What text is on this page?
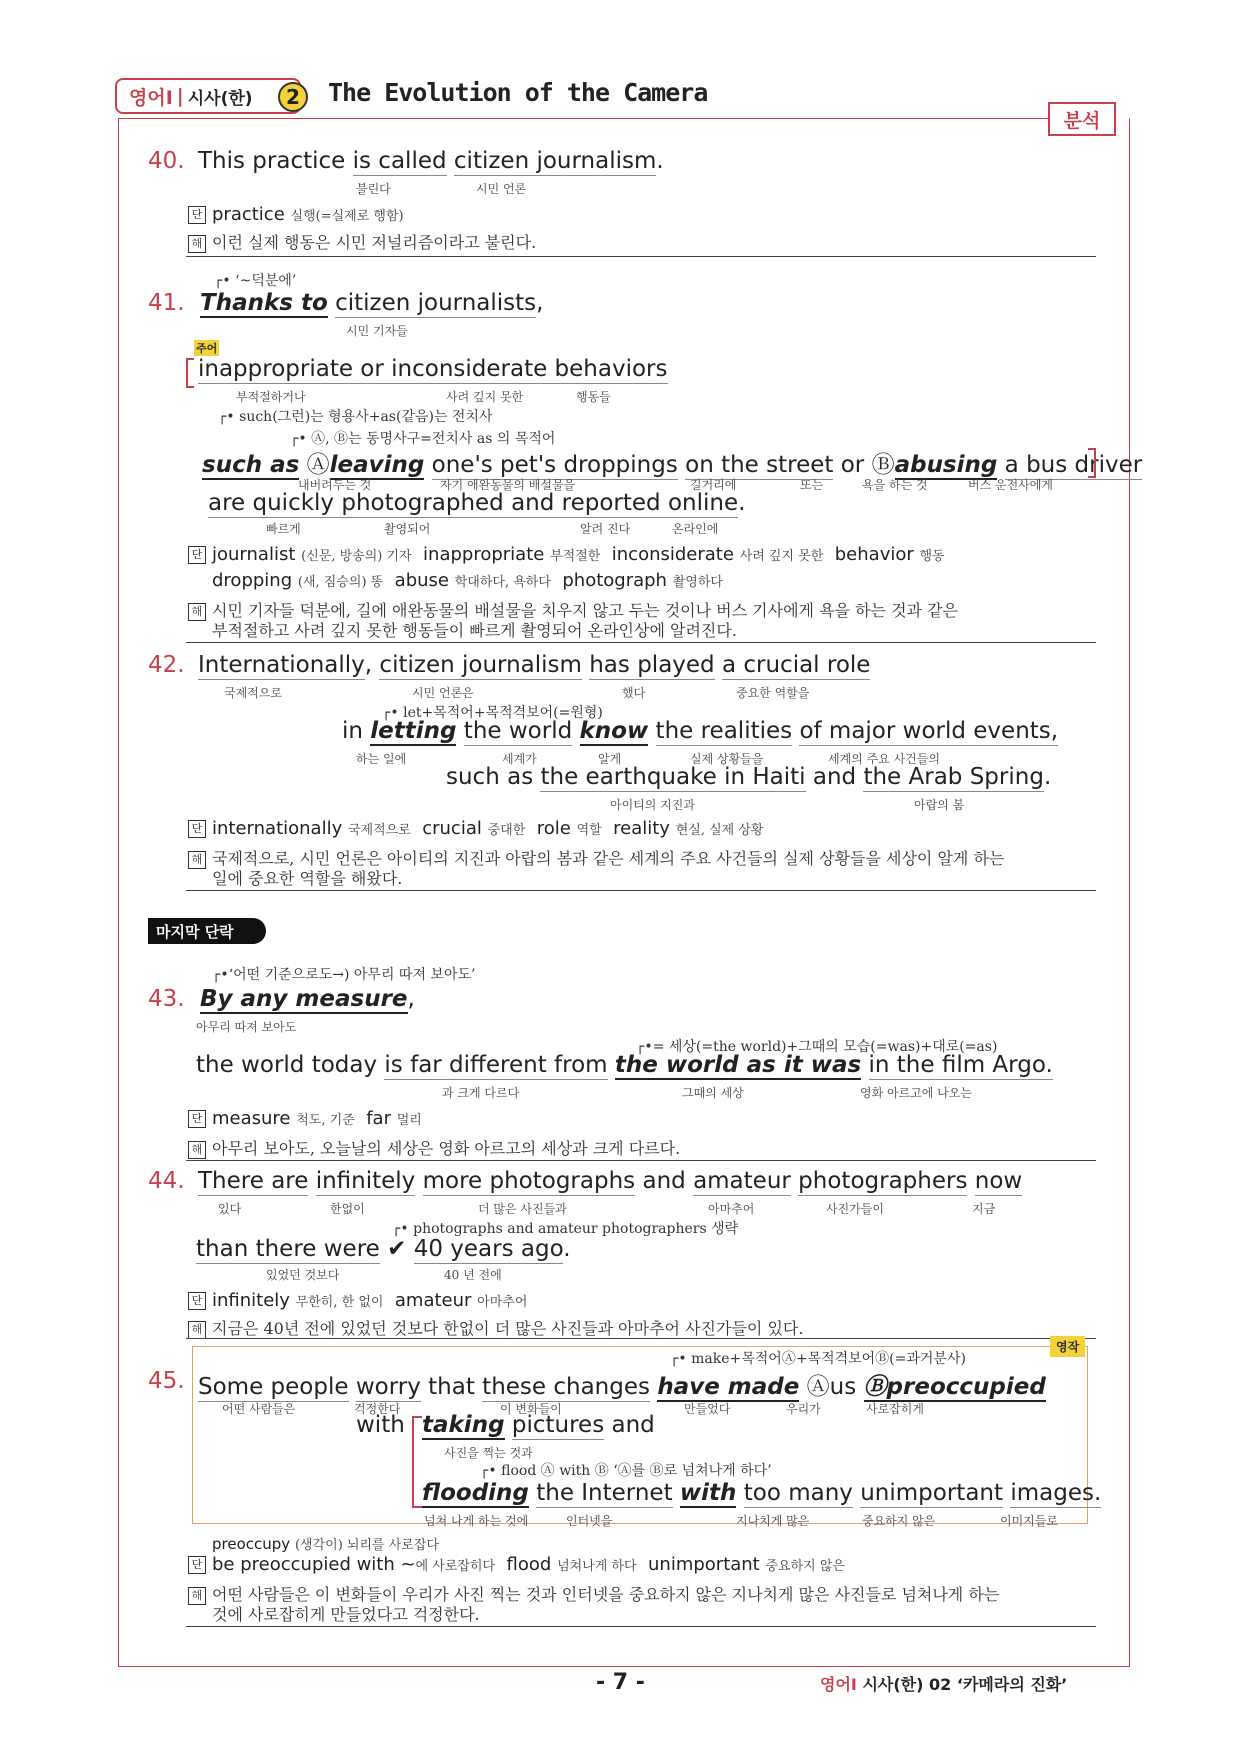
영어Ⅰ | 시사(한)	2	The Evolution of the Camera
분석
40. This practice is called citizen journalism.
불린다	시민 언론
단 practice 실행(=실제로 행함)
해 이런 실제 행동은 시민 저널리즘이라고 불린다.
┌• ‘~덕분에’
41. Thanks to citizen journalists,
시민 기자들
주어
inappropriate or inconsiderate behaviors
부적절하거나	사려 깊지 못한	행동들
┌• such(그런)는 형용사+as(같음)는 전치사
┌• Ⓐ, Ⓑ는 동명사구=전치사 as 의 목적어
such as Ⓐleaving one's pet's droppings on the street or Ⓑabusing a bus driver
내버려두는 것	자기 애완동물의 배설물을	길거리에	또는	욕을 하는 것	버스 운전사에게
are quickly photographed and reported online.
빠르게	촬영되어	알려 진다	온라인에
단 journalist (신문, 방송의) 기자 inappropriate 부적절한 inconsiderate 사려 깊지 못한 behavior 행동
dropping (새, 짐승의) 똥 abuse 학대하다, 욕하다 photograph 촬영하다
해 시민 기자들 덕분에, 길에 애완동물의 배설물을 치우지 않고 두는 것이나 버스 기사에게 욕을 하는 것과 같은
부적절하고 사려 깊지 못한 행동들이 빠르게 촬영되어 온라인상에 알려진다.
42. Internationally, citizen journalism has played a crucial role
국제적으로	시민 언론은	했다	중요한 역할을
┌• let+목적어+목적격보어(=원형)
in letting the world know the realities of major world events,
하는 일에	세계가	알게	실제 상황들을	세계의 주요 사건들의
such as the earthquake in Haiti and the Arab Spring.
아이티의 지진과	아랍의 봄
단 internationally 국제적으로 crucial 중대한 role 역할 reality 현실, 실제 상황
해 국제적으로, 시민 언론은 아이티의 지진과 아랍의 봄과 같은 세계의 주요 사건들의 실제 상황들을 세상이 알게 하는
일에 중요한 역할을 해왔다.
마지막 단락
┌•‘어떤 기준으로도→) 아무리 따져 보아도’
43. By any measure,
아무리 따져 보아도
┌•= 세상(=the world)+그때의 모습(=was)+대로(=as)
the world today is far different from the world as it was in the film Argo.
과 크게 다르다	그때의 세상	영화 아르고에 나오는
단 measure 척도, 기준 far 멀리
해 아무리 보아도, 오늘날의 세상은 영화 아르고의 세상과 크게 다르다.
44. There are infinitely more photographs and amateur photographers now
있다	한없이	더 많은 사진들과	아마추어	사진가들이	지금
┌• photographs and amateur photographers 생략
than there were ✔ 40 years ago.
있었던 것보다	40 년 전에
단 infinitely 무한히, 한 없이 amateur 아마추어
해 지금은 40년 전에 있었던 것보다 한없이 더 많은 사진들과 아마추어 사진가들이 있다.
영작
┌• make+목적어Ⓐ+목적격보어Ⓑ(=과거분사)
45. Some people worry that these changes have made Ⓐus Ⓑpreoccupied
어떤 사람들은	걱정한다	이 변화들이	만들었다	우리가	사로잡히게
with taking pictures and
사진을 찍는 것과
┌• flood Ⓐ with Ⓑ ‘Ⓐ를 Ⓑ로 넘쳐나게 하다’
flooding the Internet with too many unimportant images.
넘쳐 나게 하는 것에	인터넷을	지나치게 많은	중요하지 않은	이미지들로
preoccupy (생각이) 뇌리를 사로잡다
단 be preoccupied with ~에 사로잡히다 flood 넘쳐나게 하다 unimportant 중요하지 않은
해 어떤 사람들은 이 변화들이 우리가 사진 찍는 것과 인터넷을 중요하지 않은 지나치게 많은 사진들로 넘쳐나게 하는
것에 사로잡히게 만들었다고 걱정한다.
- 7 -	영어Ⅰ 시사(한) 02 ‘카메라의 진화’
